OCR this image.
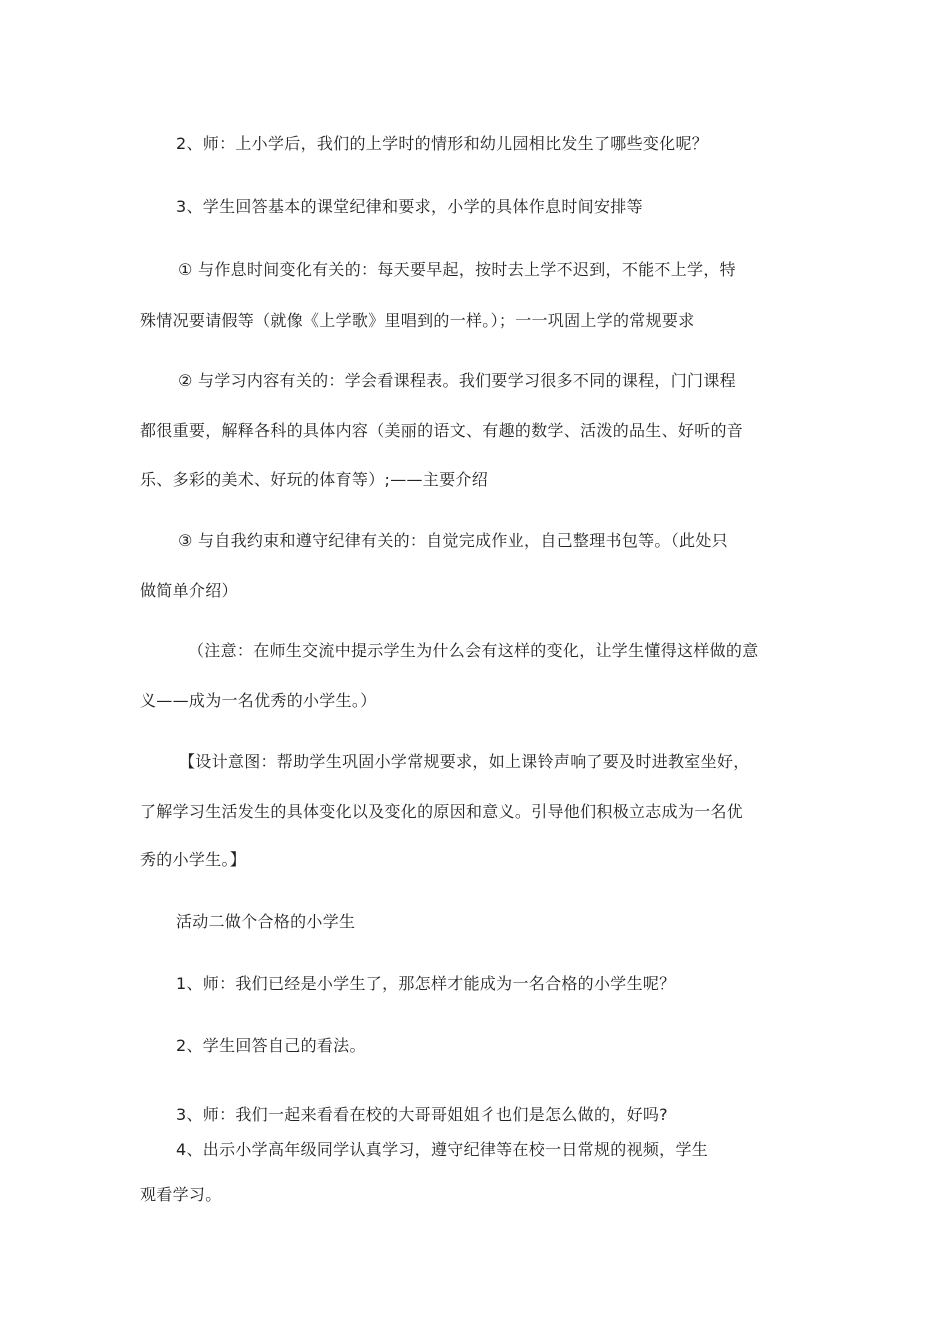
2、师：上小学后，我们的上学时的情形和幼儿园相比发生了哪些变化呢？

3、学生回答基本的课堂纪律和要求，小学的具体作息时间安排等

① 与作息时间变化有关的：每天要早起，按时去上学不迟到，不能不上学，特

殊情况要请假等（就像《上学歌》里唱到的一样。）；一一巩固上学的常规要求

② 与学习内容有关的：学会看课程表。我们要学习很多不同的课程，门门课程

都很重要，解释各科的具体内容（美丽的语文、有趣的数学、活泼的品生、好听的音

乐、多彩的美术、好玩的体育等）;——主要介绍

③ 与自我约束和遵守纪律有关的：自觉完成作业，自己整理书包等。（此处只

做简单介绍）

（注意：在师生交流中提示学生为什么会有这样的变化，让学生懂得这样做的意

义——成为一名优秀的小学生。）

【设计意图：帮助学生巩固小学常规要求，如上课铃声响了要及时进教室坐好，

了解学习生活发生的具体变化以及变化的原因和意义。引导他们积极立志成为一名优

秀的小学生。】

活动二做个合格的小学生

1、师：我们已经是小学生了，那怎样才能成为一名合格的小学生呢？

2、学生回答自己的看法。

3、师：我们一起来看看在校的大哥哥姐姐彳也们是怎么做的，好吗?

4、出示小学高年级同学认真学习，遵守纪律等在校一日常规的视频，学生

观看学习。
